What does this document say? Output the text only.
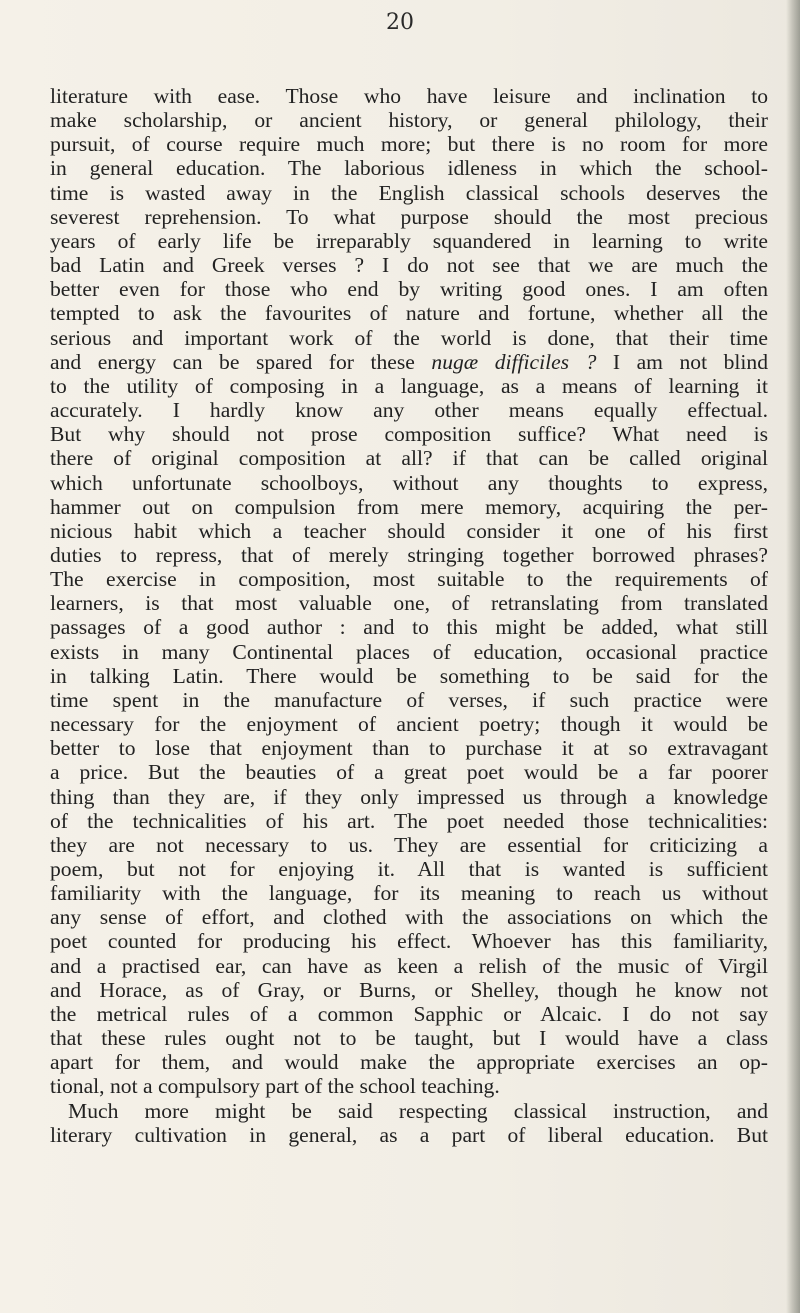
20
literature with ease. Those who have leisure and inclination to
make scholarship, or ancient history, or general philology, their
pursuit, of course require much more; but there is no room for more
in general education. The laborious idleness in which the school-
time is wasted away in the English classical schools deserves the
severest reprehension. To what purpose should the most precious
years of early life be irreparably squandered in learning to write
bad Latin and Greek verses ? I do not see that we are much the
better even for those who end by writing good ones. I am often
tempted to ask the favourites of nature and fortune, whether all the
serious and important work of the world is done, that their time
and energy can be spared for these nugæ difficiles ? I am not blind
to the utility of composing in a language, as a means of learning it
accurately. I hardly know any other means equally effectual.
But why should not prose composition suffice? What need is
there of original composition at all? if that can be called original
which unfortunate schoolboys, without any thoughts to express,
hammer out on compulsion from mere memory, acquiring the per-
nicious habit which a teacher should consider it one of his first
duties to repress, that of merely stringing together borrowed phrases?
The exercise in composition, most suitable to the requirements of
learners, is that most valuable one, of retranslating from translated
passages of a good author : and to this might be added, what still
exists in many Continental places of education, occasional practice
in talking Latin. There would be something to be said for the
time spent in the manufacture of verses, if such practice were
necessary for the enjoyment of ancient poetry; though it would be
better to lose that enjoyment than to purchase it at so extravagant
a price. But the beauties of a great poet would be a far poorer
thing than they are, if they only impressed us through a knowledge
of the technicalities of his art. The poet needed those technicalities:
they are not necessary to us. They are essential for criticizing a
poem, but not for enjoying it. All that is wanted is sufficient
familiarity with the language, for its meaning to reach us without
any sense of effort, and clothed with the associations on which the
poet counted for producing his effect. Whoever has this familiarity,
and a practised ear, can have as keen a relish of the music of Virgil
and Horace, as of Gray, or Burns, or Shelley, though he know not
the metrical rules of a common Sapphic or Alcaic. I do not say
that these rules ought not to be taught, but I would have a class
apart for them, and would make the appropriate exercises an op-
tional, not a compulsory part of the school teaching.
Much more might be said respecting classical instruction, and
literary cultivation in general, as a part of liberal education. But
